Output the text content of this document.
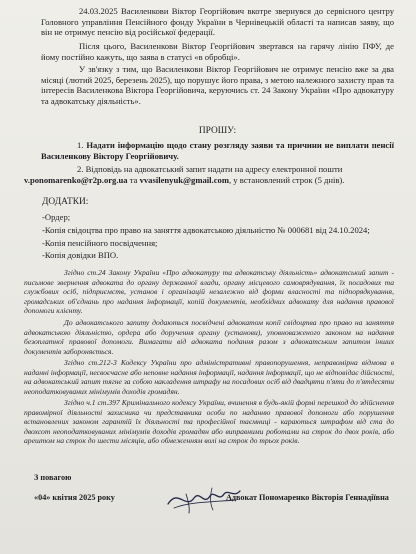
24.03.2025 Василенкови Віктор Георгійович вкотре звернувся до сервісного центру Головного управління Пенсійного фонду України в Чернівецькій області та написав заяву, що він не отримує пенсію від російської федерації.

Після цього, Василенкови Віктор Георгійович звертався на гарячу лінію ПФУ, де йому постійно кажуть, що заява в статусі «в обробці».

У зв'язку з тим, що Василенкови Віктор Георгійович не отримує пенсію вже за два місяці (лютий 2025, березень 2025), що порушує його права, з метою належного захисту прав та інтересів Василенкова Віктора Георгійовича, керуючись ст. 24 Закону України «Про адвокатуру та адвокатську діяльність».

ПРОШУ:
1. Надати інформацію щодо стану розгляду заяви та причини не виплати пенсії Василенкову Віктору Георгійовичу.
2. Відповідь на адвокатський запит надати на адресу електронної пошти
v.ponomarenko@r2p.org.ua та vvasilenyuk@gmail.com, у встановлений строк (5 днів).
ДОДАТКИ:
-Ордер;
-Копія свідоцтва про право на заняття адвокатською діяльністю № 000681 від 24.10.2024;
-Копія пенсійного посвідчення;
-Копія довідки ВПО.

Згідно ст.24 Закону України «Про адвокатуру та адвокатську діяльність» адвокатський запит - письмове звернення адвоката до органу державної влади, органу місцевого самоврядування, їх посадових та службових осіб, підприємств, установ і організацій незалежно від форми власності та підпорядкування, громадських об'єднань про надання інформації, копій документів, необхідних адвокату для надання правової допомоги клієнту.

До адвокатського запиту додаються посвідчені адвокатом копії свідоцтва про право на заняття адвокатською діяльністю, ордера або доручення органу (установи), уповноваженого законом на надання безоплатної правової допомоги. Вимагати від адвоката подання разом з адвокатським запитом інших документів забороняється.

Згідно ст.212-3 Кодексу України про адміністративні правопорушення, неправомірна відмова в наданні інформації, несвоєчасне або неповне надання інформації, надання інформації, що не відповідає дійсності, на адвокатський запит тягне за собою накладення штрафу на посадових осіб від двадцяти п'яти до п'ятдесяти неоподатковуваних мінімумів доходів громадян.

Згідно ч.1 ст.397 Кримінального кодексу України, вчинення в будь-якій формі перешкод до здійснення правомірної діяльності захисника чи представника особи по наданню правової допомоги або порушення встановлених законом гарантій їх діяльності та професійної таємниці - караються штрафом від ста до двохсот неоподатковуваних мінімумів доходів громадян або виправними роботами на строк до двох років, або арештом на строк до шести місяців, або обмеженням волі на строк до трьох років.

З повагою
«04» квітня 2025 року	Адвокат Пономаренко Вікторія Геннадіївна
